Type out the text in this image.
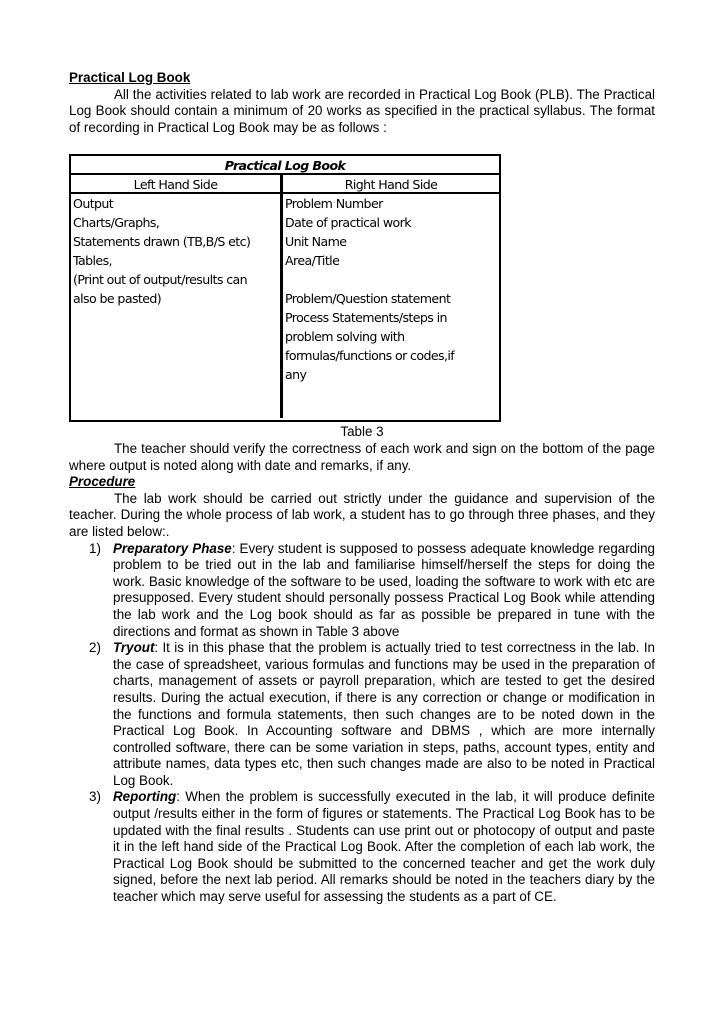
Practical Log Book
All the activities related to lab work are recorded in Practical Log Book (PLB). The Practical Log Book should contain a minimum of 20 works as specified in the practical syllabus. The format of recording in Practical Log Book may be as follows :
Practical Log Book
Left Hand Side	Right Hand Side
Output
Charts/Graphs,
Statements drawn (TB,B/S etc)
Tables,
(Print out of output/results can
also be pasted)
Problem Number
Date of practical work
Unit Name
Area/Title
Problem/Question statement
Process Statements/steps in
problem solving with
formulas/functions or codes,if
any
Table 3
The teacher should verify the correctness of each work and sign on the bottom of the page where output is noted along with date and remarks, if any.
Procedure
The lab work should be carried out strictly under the guidance and supervision of the teacher. During the whole process of lab work, a student has to go through three phases, and they are listed below:.
1) Preparatory Phase: Every student is supposed to possess adequate knowledge regarding problem to be tried out in the lab and familiarise himself/herself the steps for doing the work. Basic knowledge of the software to be used, loading the software to work with etc are presupposed. Every student should personally possess Practical Log Book while attending the lab work and the Log book should as far as possible be prepared in tune with the directions and format as shown in Table 3 above
2) Tryout: It is in this phase that the problem is actually tried to test correctness in the lab. In the case of spreadsheet, various formulas and functions may be used in the preparation of charts, management of assets or payroll preparation, which are tested to get the desired results. During the actual execution, if there is any correction or change or modification in the functions and formula statements, then such changes are to be noted down in the Practical Log Book. In Accounting software and DBMS , which are more internally controlled software, there can be some variation in steps, paths, account types, entity and attribute names, data types etc, then such changes made are also to be noted in Practical Log Book.
3) Reporting: When the problem is successfully executed in the lab, it will produce definite output /results either in the form of figures or statements. The Practical Log Book has to be updated with the final results . Students can use print out or photocopy of output and paste it in the left hand side of the Practical Log Book. After the completion of each lab work, the Practical Log Book should be submitted to the concerned teacher and get the work duly signed, before the next lab period. All remarks should be noted in the teachers diary by the teacher which may serve useful for assessing the students as a part of CE.
